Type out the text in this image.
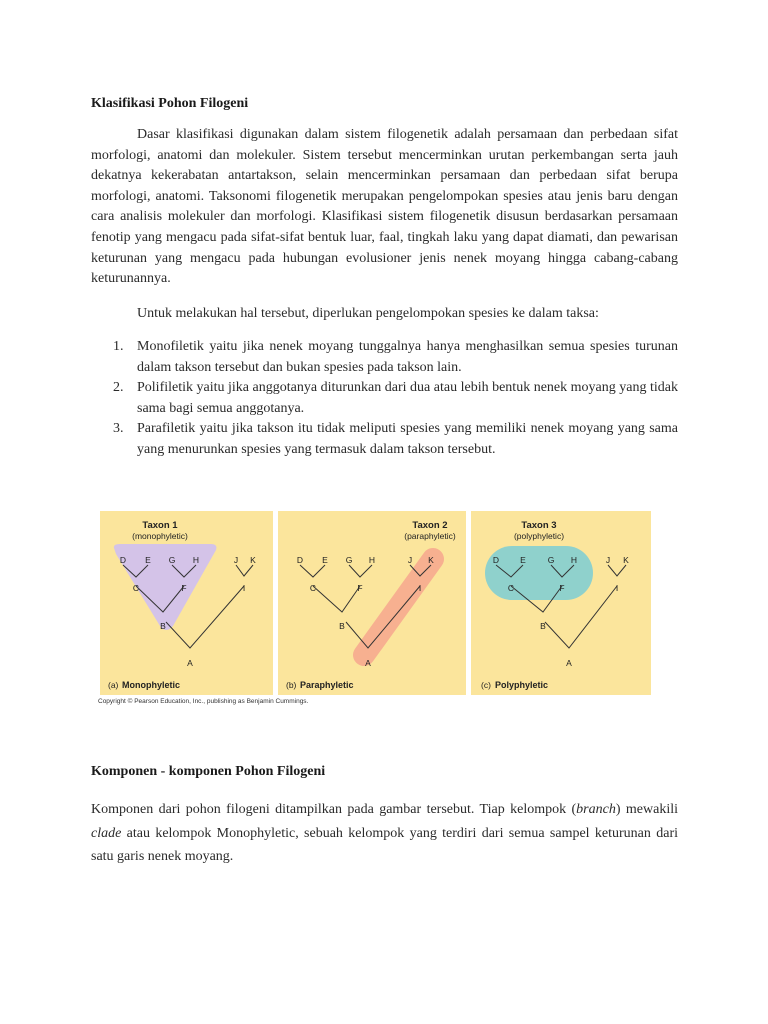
Klasifikasi Pohon Filogeni

Dasar klasifikasi digunakan dalam sistem filogenetik adalah persamaan dan perbedaan sifat morfologi, anatomi dan molekuler. Sistem tersebut mencerminkan urutan perkembangan serta jauh dekatnya kekerabatan antartakson, selain mencerminkan persamaan dan perbedaan sifat berupa morfologi, anatomi. Taksonomi filogenetik merupakan pengelompokan spesies atau jenis baru dengan cara analisis molekuler dan morfologi. Klasifikasi sistem filogenetik disusun berdasarkan persamaan fenotip yang mengacu pada sifat-sifat bentuk luar, faal, tingkah laku yang dapat diamati, dan pewarisan keturunan yang mengacu pada hubungan evolusioner jenis nenek moyang hingga cabang-cabang keturunannya.

Untuk melakukan hal tersebut, diperlukan pengelompokan spesies ke dalam taksa:
1. Monofiletik yaitu jika nenek moyang tunggalnya hanya menghasilkan semua spesies turunan dalam takson tersebut dan bukan spesies pada takson lain.
2. Polifiletik yaitu jika anggotanya diturunkan dari dua atau lebih bentuk nenek moyang yang tidak sama bagi semua anggotanya.
3. Parafiletik yaitu jika takson itu tidak meliputi spesies yang memiliki nenek moyang yang sama yang menurunkan spesies yang termasuk dalam takson tersebut.
Taxon 1
(monophyletic)
D E G H	J K
C	F
B
I
A
(a) Monophyletic
Taxon 2
(paraphyletic)
D E G H	J K
C	F
B
I
A
(b) Paraphyletic
Taxon 3
(polyphyletic)
D E	G H	J K
C	F
B
I
A
(c) Polyphyletic
Copyright © Pearson Education, Inc., publishing as Benjamin Cummings.
Komponen - komponen Pohon Filogeni

Komponen dari pohon filogeni ditampilkan pada gambar tersebut. Tiap kelompok (branch) mewakili clade atau kelompok Monophyletic, sebuah kelompok yang terdiri dari semua sampel keturunan dari satu garis nenek moyang.
